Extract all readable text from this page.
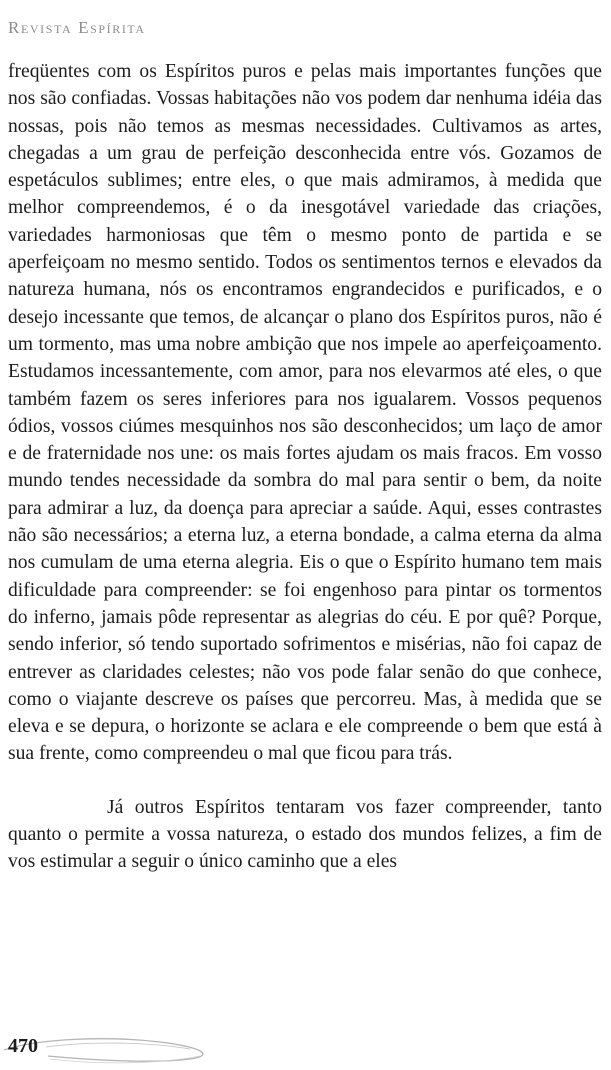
Revista Espírita

freqüentes com os Espíritos puros e pelas mais importantes funções que nos são confiadas. Vossas habitações não vos podem dar nenhuma idéia das nossas, pois não temos as mesmas necessidades. Cultivamos as artes, chegadas a um grau de perfeição desconhecida entre vós. Gozamos de espetáculos sublimes; entre eles, o que mais admiramos, à medida que melhor compreendemos, é o da inesgotável variedade das criações, variedades harmoniosas que têm o mesmo ponto de partida e se aperfeiçoam no mesmo sentido. Todos os sentimentos ternos e elevados da natureza humana, nós os encontramos engrandecidos e purificados, e o desejo incessante que temos, de alcançar o plano dos Espíritos puros, não é um tormento, mas uma nobre ambição que nos impele ao aperfeiçoamento. Estudamos incessantemente, com amor, para nos elevarmos até eles, o que também fazem os seres inferiores para nos igualarem. Vossos pequenos ódios, vossos ciúmes mesquinhos nos são desconhecidos; um laço de amor e de fraternidade nos une: os mais fortes ajudam os mais fracos. Em vosso mundo tendes necessidade da sombra do mal para sentir o bem, da noite para admirar a luz, da doença para apreciar a saúde. Aqui, esses contrastes não são necessários; a eterna luz, a eterna bondade, a calma eterna da alma nos cumulam de uma eterna alegria. Eis o que o Espírito humano tem mais dificuldade para compreender: se foi engenhoso para pintar os tormentos do inferno, jamais pôde representar as alegrias do céu. E por quê? Porque, sendo inferior, só tendo suportado sofrimentos e misérias, não foi capaz de entrever as claridades celestes; não vos pode falar senão do que conhece, como o viajante descreve os países que percorreu. Mas, à medida que se eleva e se depura, o horizonte se aclara e ele compreende o bem que está à sua frente, como compreendeu o mal que ficou para trás.

Já outros Espíritos tentaram vos fazer compreender, tanto quanto o permite a vossa natureza, o estado dos mundos felizes, a fim de vos estimular a seguir o único caminho que a eles

470
